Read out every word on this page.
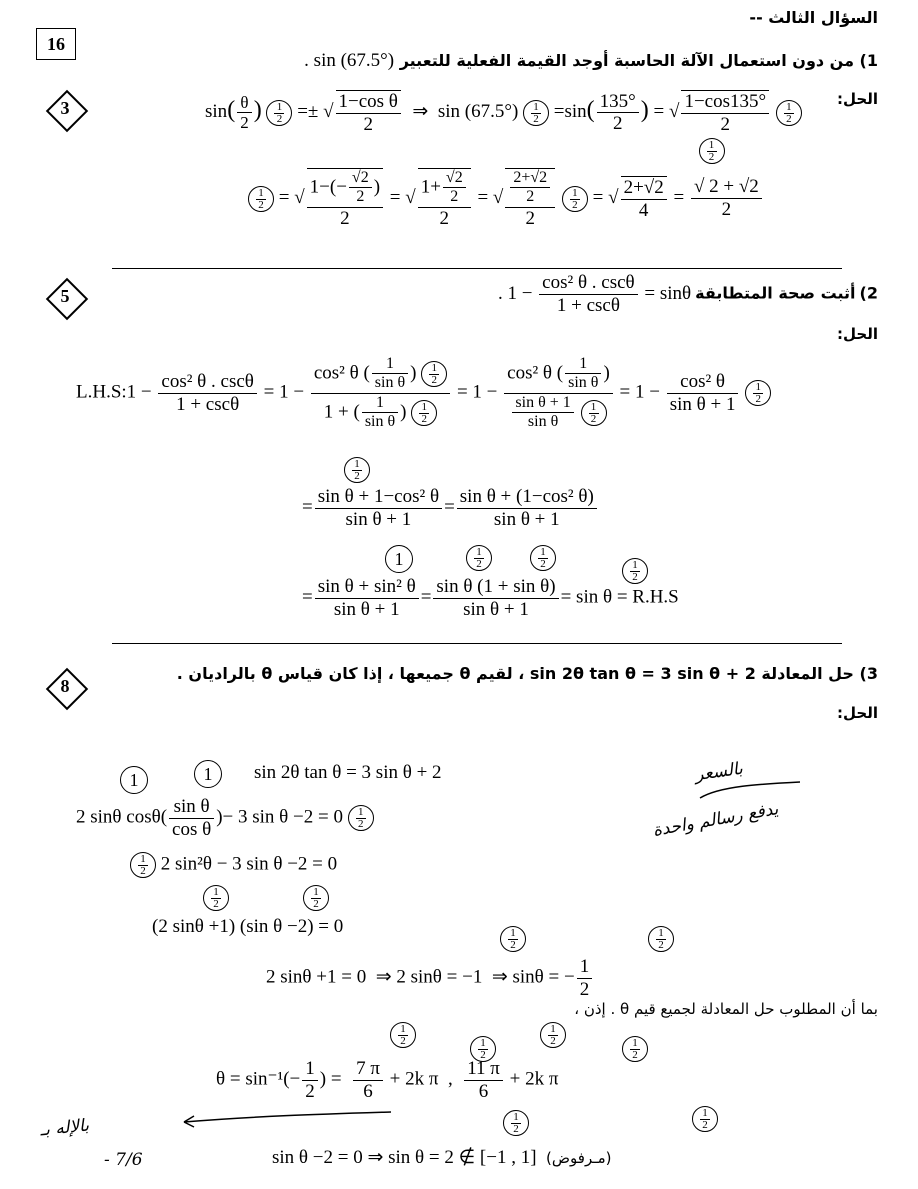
السؤال الثالث --
16
1) من دون استعمال الآلة الحاسبة أوجد القيمة الفعلية للتعبير sin (67.5°) .
3	الحل:
$\sin( \frac{\theta}{2}$ ) 1
2 =± √ $\frac{\text{1−cos θ}}{2}$ ⇒  sin (67.5°) 1
$2 =\sin( \frac{135^\circ}{2}$ ) = √ $\frac{1-\cos 135^\circ}{2}$
1
2
1
2 = √ $\frac{1-(- \frac{√2}{2} )}{2}$ = √ $\frac{1+ \frac{√2}{2}}{2}$ = √ $\frac{\frac{2+√2}{2}}{2}$
1
2 = √ $\frac{2+√2}{4} = \frac{√ 2 + √2}{2}$

1
2
2) أثبت صحة المتطابقة . $1 - \frac{\text{cos² θ . cscθ}}{1 + \csc\theta} = \sin\theta$
5
الحل:
L.H.S:1 − $\frac{\text{cos² θ . cscθ}}{1 + \csc\theta} = 1 - \cos^2$ θ ( $\frac{1}{\text{sin θ}}$ ) 1
2
1 + ( $\frac{1}{\text{sin θ}}$ ) 1
2 = 1 − cos² θ ( $\frac{1}{\text{sin θ}}$ )
$\frac{\text{sin θ + 1}}{\text{sin θ}}$
1
$2 = 1 - \frac{\text{cos² θ}}{\text{sin θ + 1}}$
1
2
1
2
= $\frac{\text{sin θ + 1−cos² θ}}{\text{sin θ + 1}} = \frac{\text{sin θ + (1−cos² θ)}}{\text{sin θ + 1}}$
1	1
2
1
2	1
2
= $\frac{\text{sin θ + sin² θ}}{\text{sin θ + 1}} = \frac{\text{sin θ (1 + sin θ)}}{\text{sin θ + 1}} = \sin \theta = R.H.S$
3) حل المعادلة sin 2θ tan θ = 3 sin θ + 2 ، لقيم θ جميعها ، إذا كان قياس θ بالراديان .
8
الحل:
1	1	sin 2θ tan θ = 3 sin θ + 2
2 sinθ $\cos\theta( \frac{\text{sin θ}}{\text{cos θ}}$ )− 3 sin θ −2 = 0 1
2
1
2 2 sin²θ − 3 sin θ −2 = 0
1
2
1
2
(2 sinθ +1) (sin θ −2) = 0	1
2
1
2
2 sinθ +1 = 0  ⇒ 2 sinθ = −1  ⇒ sinθ = − $\frac{1}{2}$
بما أن المطلوب حل المعادلة لجميع قيم θ . إذن ،
1
2	1
2
1
2	1
2
$\theta = \sin^{-1}(- \frac{1}{2}$ ) = $\frac{7 \pi}{6} + 2k$ π  , $\frac{11 \pi}{6} + 2k$ π
1
2
1
2
sin θ −2 = 0 ⇒ sin θ = 2 ∉ [−1 , 1] (مـرفوض)
بالسعر
يدفع رسالم واحدة
بالإله بـ
- 7/6
